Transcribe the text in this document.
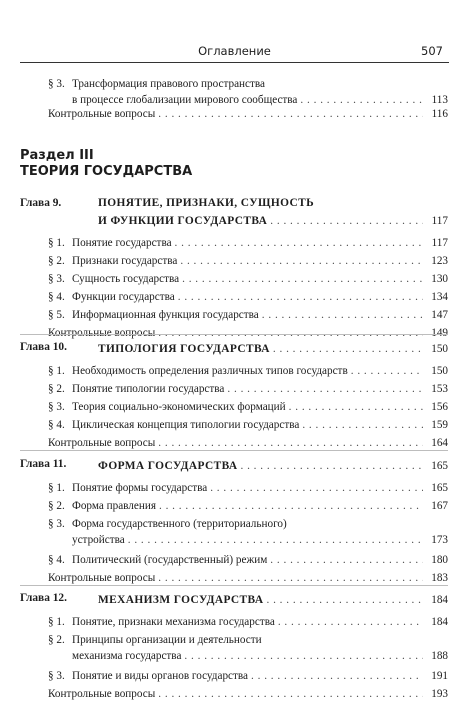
Оглавление	507
§ 3. Трансформация правового пространства
в процессе глобализации мирового сообщества . . .	113
Контрольные вопросы . . .	116
Раздел III
ТЕОРИЯ ГОСУДАРСТВА
Глава 9.	ПОНЯТИЕ, ПРИЗНАКИ, СУЩНОСТЬ
И ФУНКЦИИ ГОСУДАРСТВА . . .	117
§ 1. Понятие государства . . .	117
§ 2. Признаки государства . . .	123
§ 3. Сущность государства . . .	130
§ 4. Функции государства . . .	134
§ 5. Информационная функция государства . . .	147
Контрольные вопросы . . .	149
Глава 10.	ТИПОЛОГИЯ ГОСУДАРСТВА . . .	150
§ 1. Необходимость определения различных типов государств . . .	150
§ 2. Понятие типологии государства . . .	153
§ 3. Теория социально-экономических формаций . . .	156
§ 4. Циклическая концепция типологии государства . . .	159
Контрольные вопросы . . .	164
Глава 11.	ФОРМА ГОСУДАРСТВА . . .	165
§ 1. Понятие формы государства . . .	165
§ 2. Форма правления . . .	167
§ 3. Форма государственного (территориального)
устройства . . .	173
§ 4. Политический (государственный) режим . . .	180
Контрольные вопросы . . .	183
Глава 12.	МЕХАНИЗМ ГОСУДАРСТВА . . .	184
§ 1. Понятие, признаки механизма государства . . .	184
§ 2. Принципы организации и деятельности
механизма государства . . .	188
§ 3. Понятие и виды органов государства . . .	191
Контрольные вопросы . . .	193
